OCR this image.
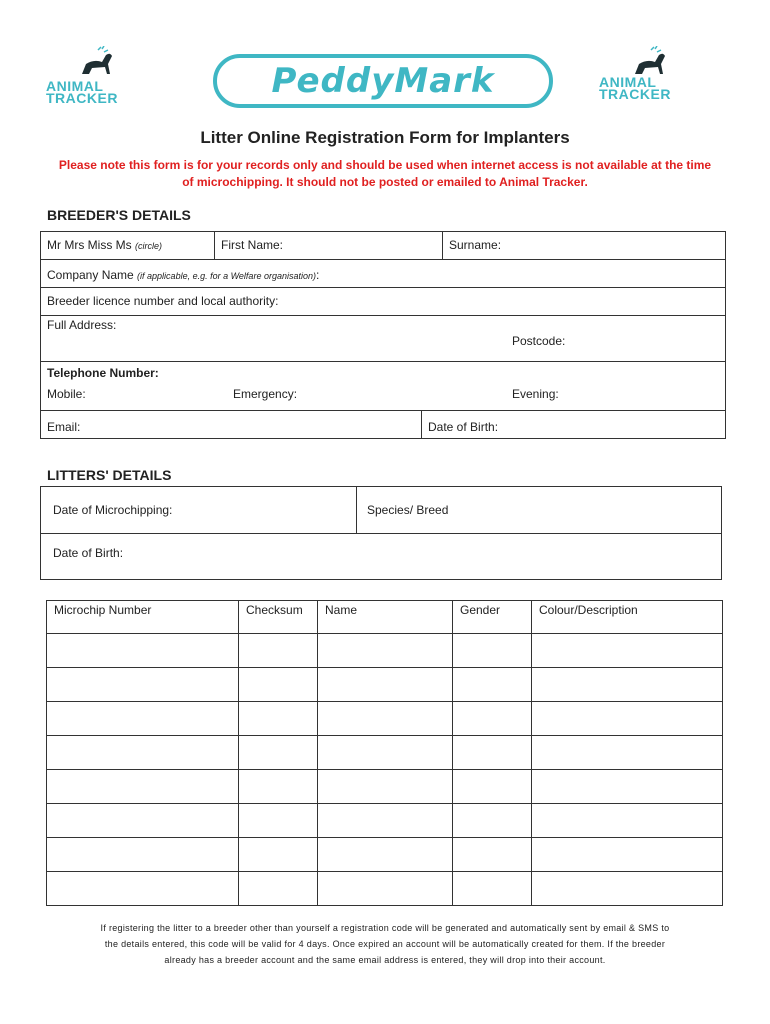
ANIMAL
TRACKER	PeddyMark	ANIMAL
TRACKER
Litter Online Registration Form for Implanters
Please note this form is for your records only and should be used when internet access is not available at the time
of microchipping. It should not be posted or emailed to Animal Tracker.
BREEDER'S DETAILS
Mr Mrs Miss Ms (circle)	First Name:	Surname:
Company Name (if applicable, e.g. for a Welfare organisation):
Breeder licence number and local authority:
Full Address:
Postcode:
Telephone Number:
Mobile:	Emergency:	Evening:
Email:	Date of Birth:
LITTERS' DETAILS
Date of Microchipping:	Species/ Breed
Date of Birth:
Microchip Number	Checksum	Name	Gender	Colour/Description

If registering the litter to a breeder other than yourself a registration code will be generated and automatically sent by email & SMS to
the details entered, this code will be valid for 4 days. Once expired an account will be automatically created for them. If the breeder
already has a breeder account and the same email address is entered, they will drop into their account.
